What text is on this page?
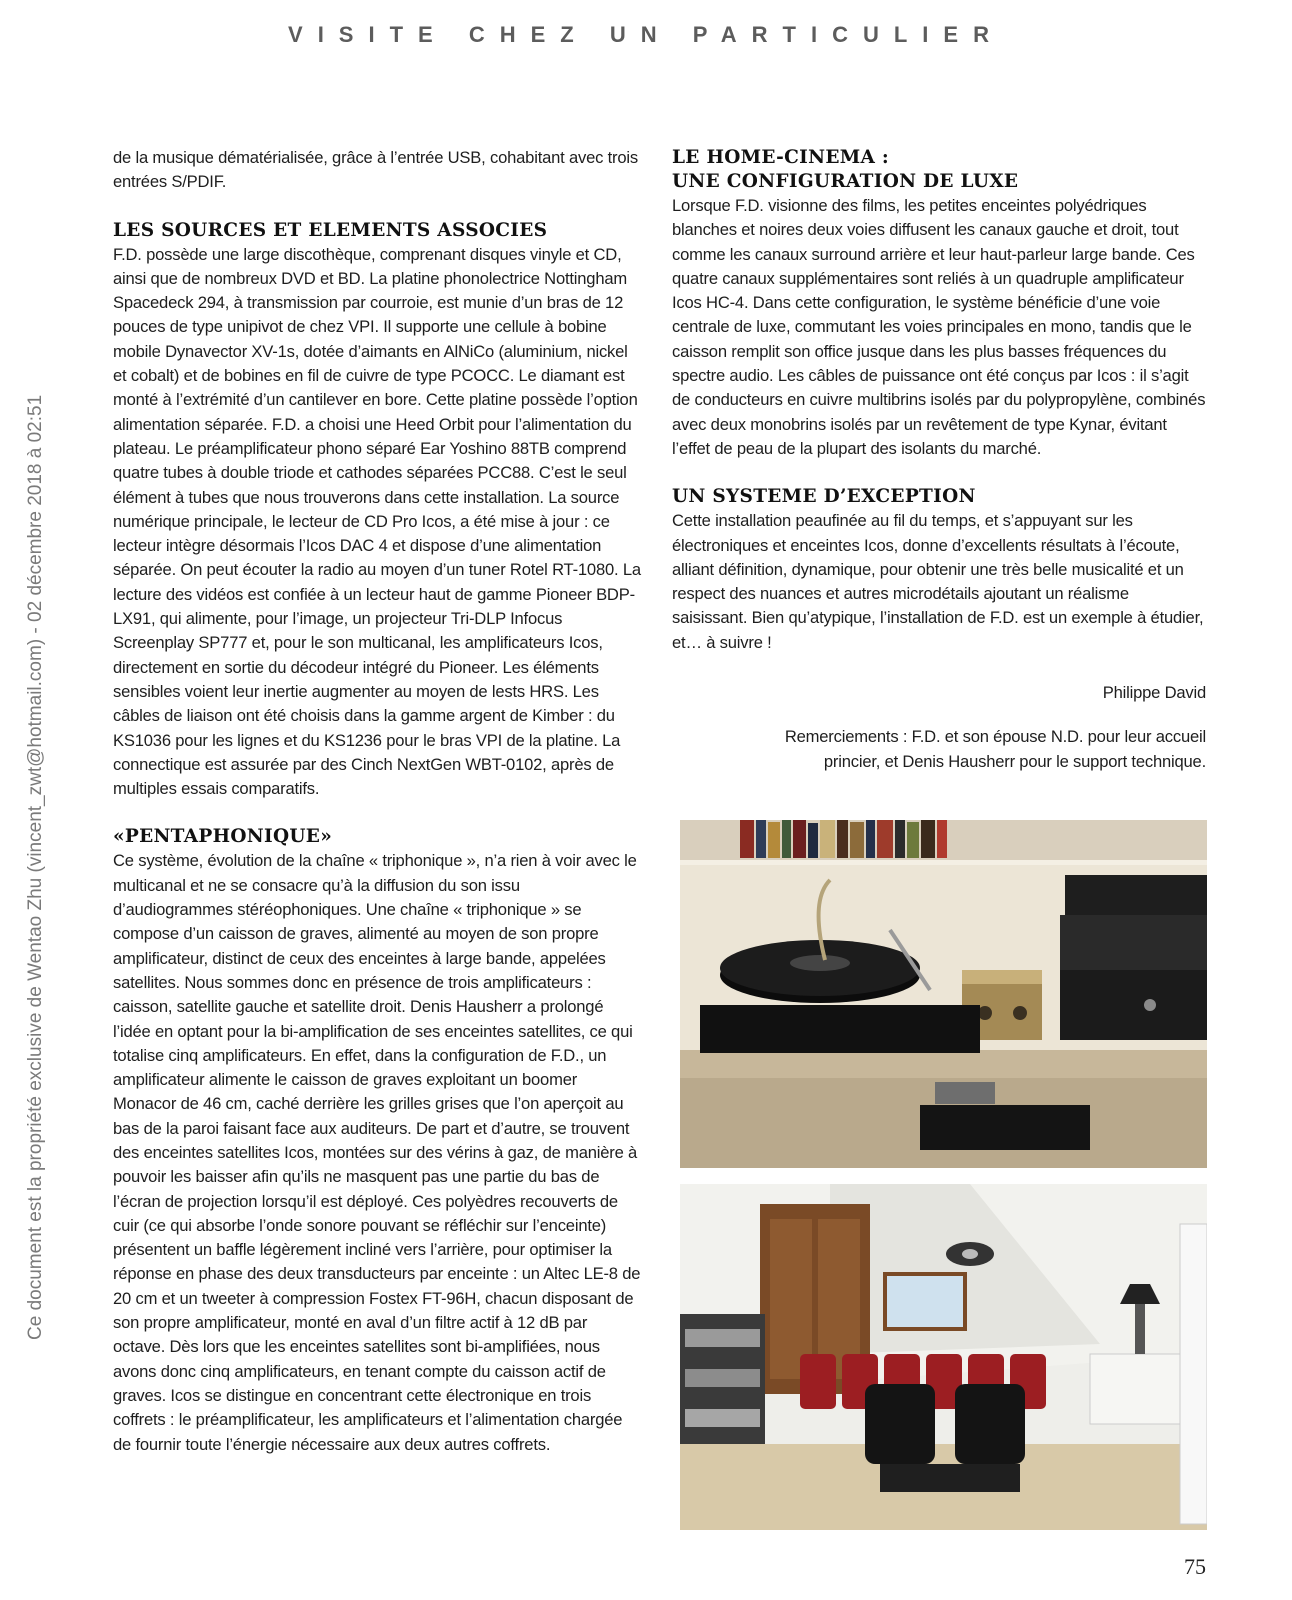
VISITE CHEZ UN PARTICULIER
Ce document est la propriété exclusive de Wentao Zhu (vincent_zwt@hotmail.com) - 02 décembre 2018 à 02:51

de la musique dématérialisée, grâce à l’entrée USB, cohabitant avec trois entrées S/PDIF.

LES SOURCES ET ELEMENTS ASSOCIES

F.D. possède une large discothèque, comprenant disques vinyle et CD, ainsi que de nombreux DVD et BD. La platine phonolectrice Nottingham Spacedeck 294, à transmission par courroie, est munie d’un bras de 12 pouces de type unipivot de chez VPI. Il supporte une cellule à bobine mobile Dynavector XV-1s, dotée d’aimants en AlNiCo (aluminium, nickel et cobalt) et de bobines en fil de cuivre de type PCOCC. Le diamant est monté à l’extrémité d’un cantilever en bore. Cette platine possède l’option alimentation séparée. F.D. a choisi une Heed Orbit pour l’alimentation du plateau. Le préamplificateur phono séparé Ear Yoshino 88TB comprend quatre tubes à double triode et cathodes séparées PCC88. C’est le seul élément à tubes que nous trouverons dans cette installation. La source numérique principale, le lecteur de CD Pro Icos, a été mise à jour : ce lecteur intègre désormais l’Icos DAC 4 et dispose d’une alimentation séparée. On peut écouter la radio au moyen d’un tuner Rotel RT-1080. La lecture des vidéos est confiée à un lecteur haut de gamme Pioneer BDP-LX91, qui alimente, pour l’image, un projecteur Tri-DLP Infocus Screenplay SP777 et, pour le son multicanal, les amplificateurs Icos, directement en sortie du décodeur intégré du Pioneer. Les éléments sensibles voient leur inertie augmenter au moyen de lests HRS. Les câbles de liaison ont été choisis dans la gamme argent de Kimber : du KS1036 pour les lignes et du KS1236 pour le bras VPI de la platine. La connectique est assurée par des Cinch NextGen WBT-0102, après de multiples essais comparatifs.

«PENTAPHONIQUE»

Ce système, évolution de la chaîne « triphonique », n’a rien à voir avec le multicanal et ne se consacre qu’à la diffusion du son issu d’audiogrammes stéréophoniques. Une chaîne « triphonique » se compose d’un caisson de graves, alimenté au moyen de son propre amplificateur, distinct de ceux des enceintes à large bande, appelées satellites. Nous sommes donc en présence de trois amplificateurs : caisson, satellite gauche et satellite droit. Denis Hausherr a prolongé l’idée en optant pour la bi-amplification de ses enceintes satellites, ce qui totalise cinq amplificateurs. En effet, dans la configuration de F.D., un amplificateur alimente le caisson de graves exploitant un boomer Monacor de 46 cm, caché derrière les grilles grises que l’on aperçoit au bas de la paroi faisant face aux auditeurs. De part et d’autre, se trouvent des enceintes satellites Icos, montées sur des vérins à gaz, de manière à pouvoir les baisser afin qu’ils ne masquent pas une partie du bas de l’écran de projection lorsqu’il est déployé. Ces polyèdres recouverts de cuir (ce qui absorbe l’onde sonore pouvant se réfléchir sur l’enceinte) présentent un baffle légèrement incliné vers l’arrière, pour optimiser la réponse en phase des deux transducteurs par enceinte : un Altec LE-8 de 20 cm et un tweeter à compression Fostex FT-96H, chacun disposant de son propre amplificateur, monté en aval d’un filtre actif à 12 dB par octave. Dès lors que les enceintes satellites sont bi-amplifiées, nous avons donc cinq amplificateurs, en tenant compte du caisson actif de graves. Icos se distingue en concentrant cette électronique en trois coffrets : le préamplificateur, les amplificateurs et l’alimentation chargée de fournir toute l’énergie nécessaire aux deux autres coffrets.

LE HOME-CINEMA :
UNE CONFIGURATION DE LUXE

Lorsque F.D. visionne des films, les petites enceintes polyédriques blanches et noires deux voies diffusent les canaux gauche et droit, tout comme les canaux surround arrière et leur haut-parleur large bande. Ces quatre canaux supplémentaires sont reliés à un quadruple amplificateur Icos HC-4. Dans cette configuration, le système bénéficie d’une voie centrale de luxe, commutant les voies principales en mono, tandis que le caisson remplit son office jusque dans les plus basses fréquences du spectre audio. Les câbles de puissance ont été conçus par Icos : il s’agit de conducteurs en cuivre multibrins isolés par du polypropylène, combinés avec deux monobrins isolés par un revêtement de type Kynar, évitant l’effet de peau de la plupart des isolants du marché.

UN SYSTEME D’EXCEPTION

Cette installation peaufinée au fil du temps, et s’appuyant sur les électroniques et enceintes Icos, donne d’excellents résultats à l’écoute, alliant définition, dynamique, pour obtenir une très belle musicalité et un respect des nuances et autres microdétails ajoutant un réalisme saisissant. Bien qu’atypique, l’installation de F.D. est un exemple à étudier, et… à suivre !

Philippe David
Remerciements : F.D. et son épouse N.D. pour leur accueil
princier, et Denis Hausherr pour le support technique.
75
